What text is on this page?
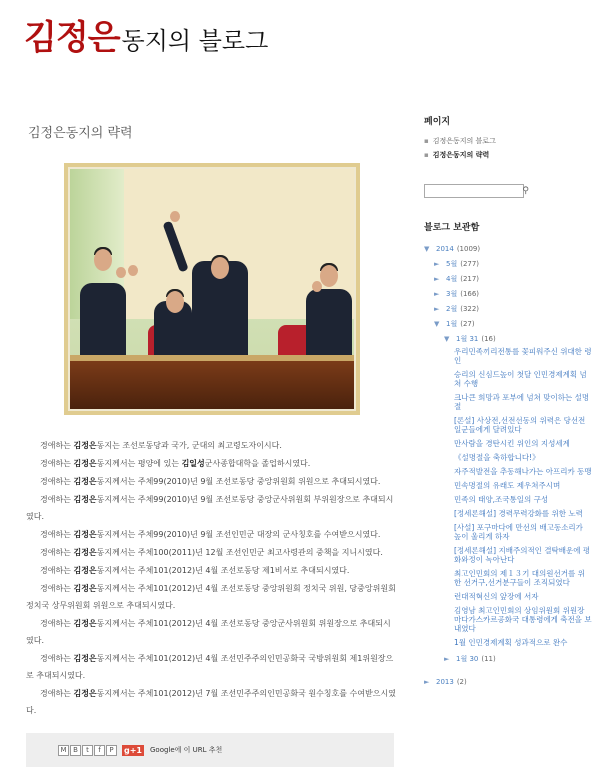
김정은동지의 블로그
김정은동지의 략력

경애하는 김정은동지는 조선로동당과 국가, 군대의 최고령도자이시다.

경애하는 김정은동지께서는 평양에 있는 김일성군사종합대학을 졸업하시였다.

경애하는 김정은동지께서는 주체99(2010)년 9월 조선로동당 중앙위원회 위원으로 추대되시였다.

경애하는 김정은동지께서는 주체99(2010)년 9월 조선로동당 중앙군사위원회 부위원장으로 추대되시였다.

경애하는 김정은동지께서는 주체99(2010)년 9월 조선인민군 대장의 군사칭호를 수여받으시였다.

경애하는 김정은동지께서는 주체100(2011)년 12월 조선인민군 최고사령관의 중책을 지니시였다.

경애하는 김정은동지께서는 주체101(2012)년 4월 조선로동당 제1비서로 추대되시였다.

경애하는 김정은동지께서는 주체101(2012)년 4월 조선로동당 중앙위원회 정치국 위원, 당중앙위원회 정치국 상무위원회 위원으로 추대되시였다.

경애하는 김정은동지께서는 주체101(2012)년 4월 조선로동당 중앙군사위원회 위원장으로 추대되시였다.

경애하는 김정은동지께서는 주체101(2012)년 4월 조선민주주의인민공화국 국방위원회 제1위원장으로 추대되시였다.

경애하는 김정은동지께서는 주체101(2012)년 7월 조선민주주의인민공화국 원수칭호를 수여받으시였다.

M B	t	f	P	g+1 Google에 이 URL 추천
페이지
▪ 김정은동지의 블로그
▪ 김정은동지의 략력
⚲
블로그 보관함
▼ 2014 (1009)
► 5월 (277)
► 4월 (217)
► 3월 (166)
► 2월 (322)
▼ 1월 (27)
▼ 1월 31 (16)
우리민족끼리전통를 꽃피워주신 위대한 령인
승리의 신심드높이 첫달 인민경제계획 넘쳐 수행
크나큰 희망과 포부에 넘쳐 맞이하는 설명절
[론설] 사상전,선전선동의 위력은 당선전일군들에게 달려있다
만사람을 경탄시킨 위인의 지성세계
《설명절을 축하합니다!》
자주적발전을 추동해나가는 아프리카 동맹
민속명절의 유래도 제우쳐주시며
민족의 태양,조국통일의 구성
[정세론해설] 경력무력강화를 위한 노력
[사설] 포구마다에 만선의 배고동소리가 높이 울리게 하자
[정세론해설] 지배주의적인 결탁배운에 평화와정이 녹아난다
최고인민회의 제１３기 대의원선거를 위한 선거구,선거분구들이 조직되였다
런대적혁신의 앞장에 서자
김영남 최고인민회의 상임위원회 위원장 마다가스카르공화국 대통령에게 축전을 보내였다
1월 인민경제계획 성과적으로 완수
► 1월 30 (11)
► 2013 (2)
